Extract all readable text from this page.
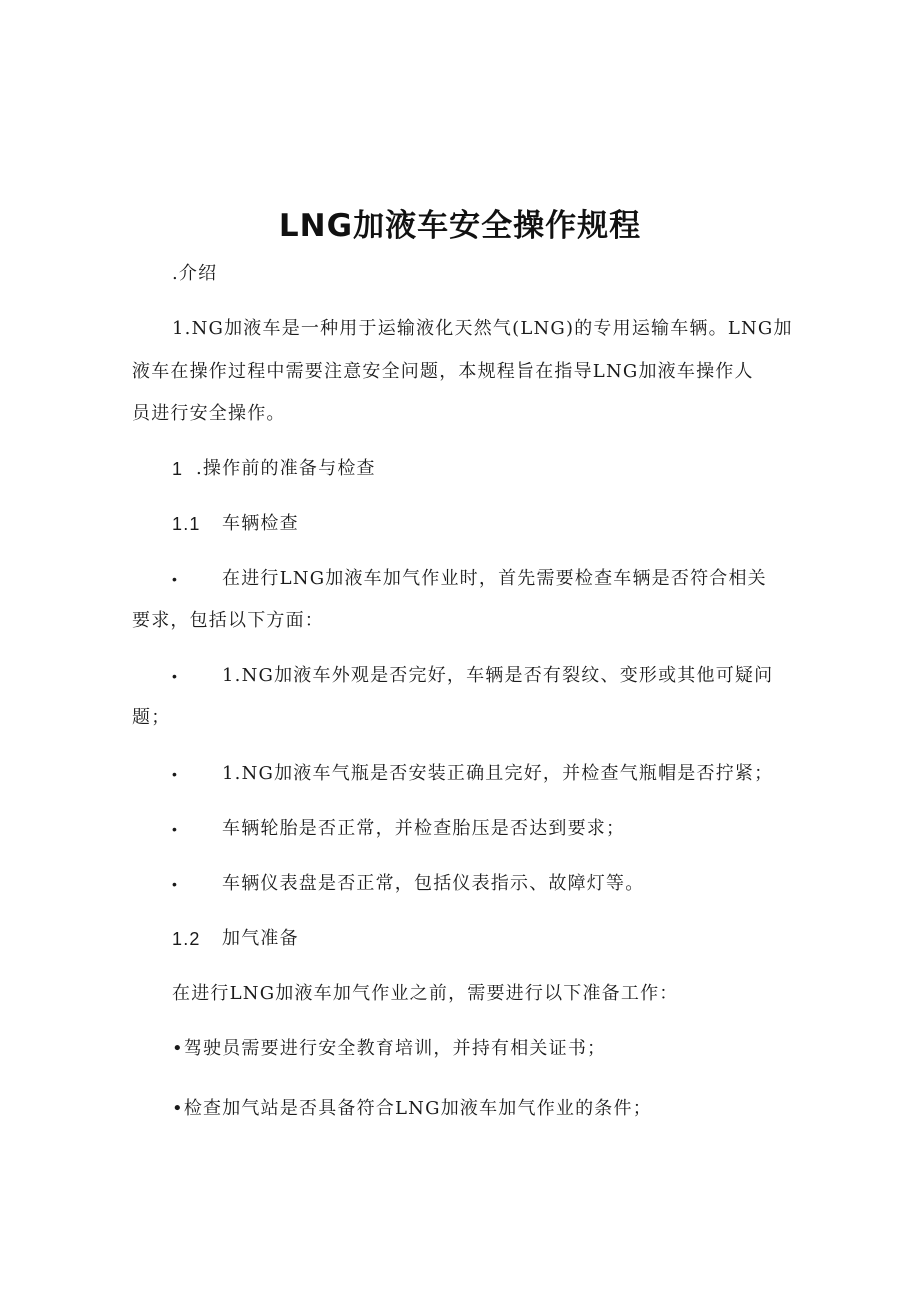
LNG加液车安全操作规程
.介绍
1.NG加液车是一种用于运输液化天然气(LNG)的专用运输车辆。LNG加
液车在操作过程中需要注意安全问题，本规程旨在指导LNG加液车操作人
员进行安全操作。
1 .操作前的准备与检查
1.1 车辆检查
•	在进行LNG加液车加气作业时，首先需要检查车辆是否符合相关
要求，包括以下方面：
•	1.NG加液车外观是否完好，车辆是否有裂纹、变形或其他可疑问
题；
•	1.NG加液车气瓶是否安装正确且完好，并检查气瓶帽是否拧紧；
•	车辆轮胎是否正常，并检查胎压是否达到要求；
•	车辆仪表盘是否正常，包括仪表指示、故障灯等。
1.2 加气准备
在进行LNG加液车加气作业之前，需要进行以下准备工作：
•驾驶员需要进行安全教育培训，并持有相关证书；
•检查加气站是否具备符合LNG加液车加气作业的条件；
